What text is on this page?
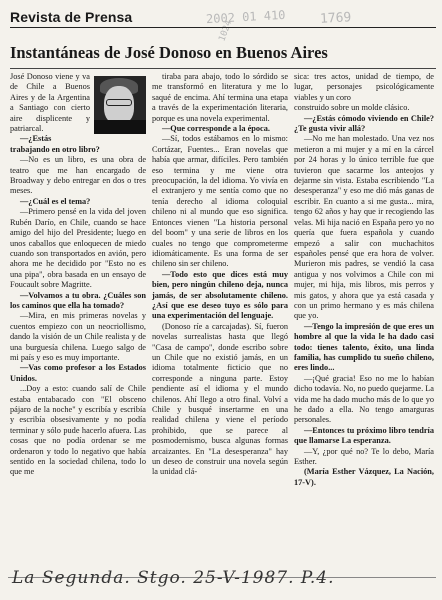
Revista de Prensa	2002 01 410	1769
1024
Instantáneas de José Donoso en Buenos Aires

José Donoso viene y va de Chile a Buenos Aires y de la Argentina a Santiago con cierto aire displicente y patriarcal.

—¿Estás trabajando en otro libro?

—No es un libro, es una obra de teatro que me han encargado de Broadway y debo entregar en dos o tres meses.

—¿Cuál es el tema?

—Primero pensé en la vida del joven Rubén Darío, en Chile, cuando se hace amigo del hijo del Presidente; luego en unos caballos que enloquecen de miedo cuando son transportados en avión, pero ahora me he decidido por "Esto no es una pipa", obra basada en un ensayo de Foucault sobre Magritte.

—Volvamos a tu obra. ¿Cuáles son los caminos que ella ha tomado?

—Mira, en mis primeras novelas y cuentos empiezo con un neocriollismo, dando la visión de un Chile realista y de una burguesía chilena. Luego salgo de mi país y eso es muy importante.

—Vas como profesor a los Estados Unidos.

...Doy a esto: cuando salí de Chile estaba entabacado con "El obsceno pájaro de la noche" y escribía y escribía y escribía obsesivamente y no podía terminar y sólo pude hacerlo afuera. Las cosas que no podía ordenar se me ordenaron y todo lo negativo que había sentido en la sociedad chilena, todo lo que me

tiraba para abajo, todo lo sórdido se me transformó en literatura y me lo saqué de encima. Ahí termina una etapa a través de la experimentación literaria, porque es una novela experimental.

—Que corresponde a la época.

—Sí, todos estábamos en lo mismo: Cortázar, Fuentes... Eran novelas que había que armar, difíciles. Pero también eso termina y me viene otra preocupación, la del idioma. Yo vivía en el extranjero y me sentía como que no tenía derecho al idioma coloquial chileno ni al mundo que eso significa. Entonces vienen "La historia personal del boom" y una serie de libros en los cuales no tengo que comprometerme idiomáticamente. Es una forma de ser chileno sin ser chileno.

—Todo esto que dices está muy bien, pero ningún chileno deja, nunca jamás, de ser absolutamente chileno. ¿Así que ese deseo tuyo es sólo para una experimentación del lenguaje.

(Donoso ríe a carcajadas). Sí, fueron novelas surrealistas hasta que llegó "Casa de campo", donde escribo sobre un Chile que no existió jamás, en un idioma totalmente ficticio que no corresponde a ninguna parte. Estoy pendiente así el idioma y el mundo chilenos. Ahí llego a otro final. Volví a Chile y busqué insertarme en una realidad chilena y viene el período prohibido, que se parece al posmodernismo, busca algunas formas arcaizantes. En "La desesperanza" hay un deseo de construir una novela según la unidad clá-

sica: tres actos, unidad de tiempo, de lugar, personajes psicológicamente viables y un coro

construido sobre un molde clásico.

—¿Estás cómodo viviendo en Chile? ¿Te gusta vivir allá?

—No me han molestado. Una vez nos metieron a mi mujer y a mí en la cárcel por 24 horas y lo único terrible fue que tuvieron que sacarme los anteojos y dejarme sin vista. Estaba escribiendo "La desesperanza" y eso me dió más ganas de escribir. En cuanto a si me gusta... mira, tengo 62 años y hay que ir recogiendo las velas. Mi hija nació en España pero yo no quería que fuera española y cuando empezó a salir con muchachitos españoles pensé que era hora de volver. Murieron mis padres, se vendió la casa antigua y nos volvimos a Chile con mi mujer, mi hija, mis libros, mis perros y mis gatos, y ahora que ya está casada y con un primo hermano y es más chilena que yo.

—Tengo la impresión de que eres un hombre al que la vida le ha dado casi todo: tienes talento, éxito, una linda familia, has cumplido tu sueño chileno, eres lindo...

—¡Qué gracia! Eso no me lo habían dicho todavía. No, no puedo quejarme. La vida me ha dado mucho más de lo que yo he dado a ella. No tengo amarguras personales.

—Entonces tu próximo libro tendría que llamarse La esperanza.

—Y, ¿por qué no? Te lo debo, María Esther.

(María Esther Vázquez, La Nación, 17-V).

La Segunda. Stgo. 25-V-1987. P.4.
